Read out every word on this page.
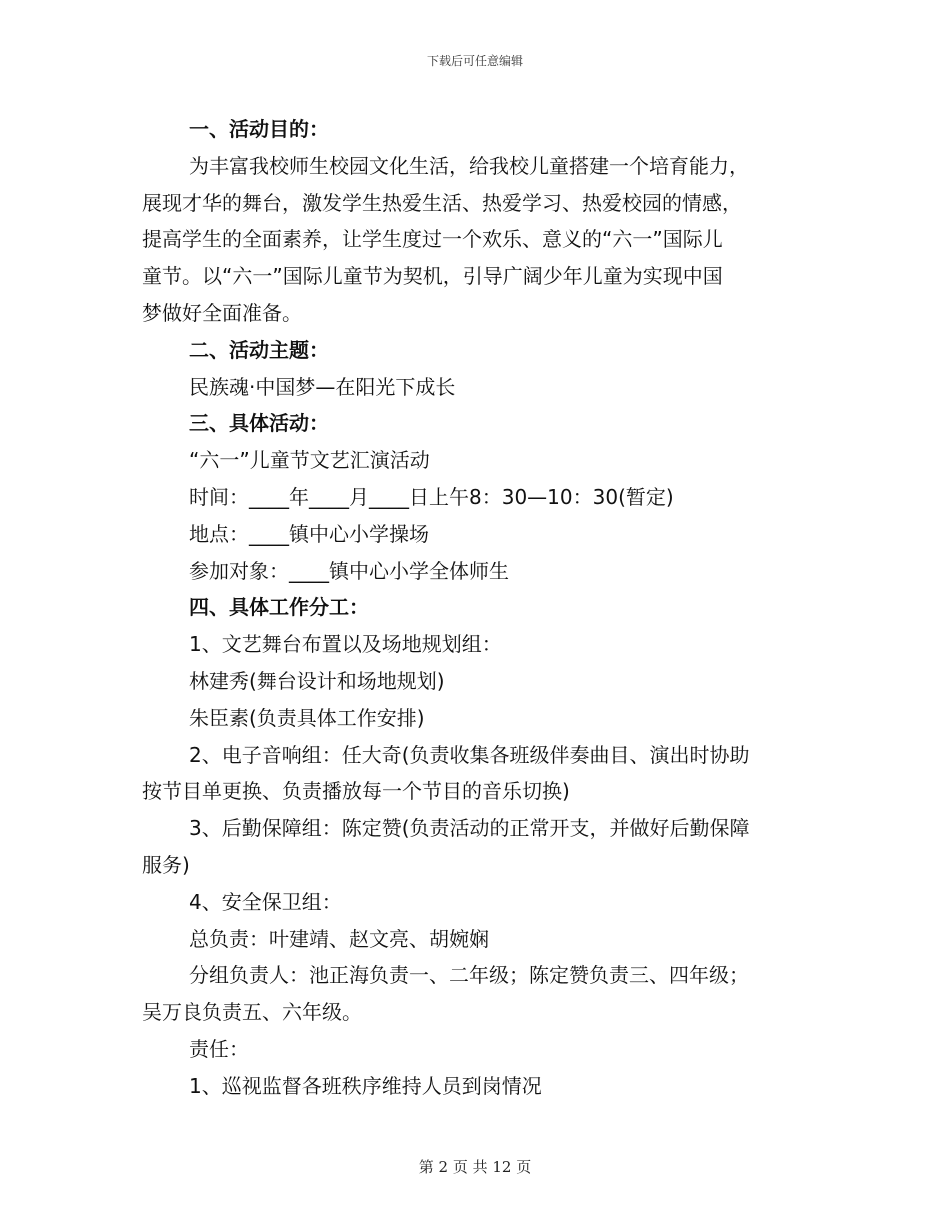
下载后可任意编辑
一、活动目的：
为丰富我校师生校园文化生活，给我校儿童搭建一个培育能力，
展现才华的舞台，激发学生热爱生活、热爱学习、热爱校园的情感，
提高学生的全面素养，让学生度过一个欢乐、意义的“六一”国际儿
童节。以“六一”国际儿童节为契机，引导广阔少年儿童为实现中国
梦做好全面准备。
二、活动主题：
民族魂·中国梦—在阳光下成长
三、具体活动：
“六一”儿童节文艺汇演活动
时间：____年____月____日上午8：30—10：30(暂定)
地点：____镇中心小学操场
参加对象：____镇中心小学全体师生
四、具体工作分工：
1、文艺舞台布置以及场地规划组：
林建秀(舞台设计和场地规划)
朱臣素(负责具体工作安排)
2、电子音响组：任大奇(负责收集各班级伴奏曲目、演出时协助
按节目单更换、负责播放每一个节目的音乐切换)
3、后勤保障组：陈定赞(负责活动的正常开支，并做好后勤保障
服务)
4、安全保卫组：
总负责：叶建靖、赵文亮、胡婉娴
分组负责人：池正海负责一、二年级；陈定赞负责三、四年级；
吴万良负责五、六年级。
责任：
1、巡视监督各班秩序维持人员到岗情况
第 2 页 共 12 页
